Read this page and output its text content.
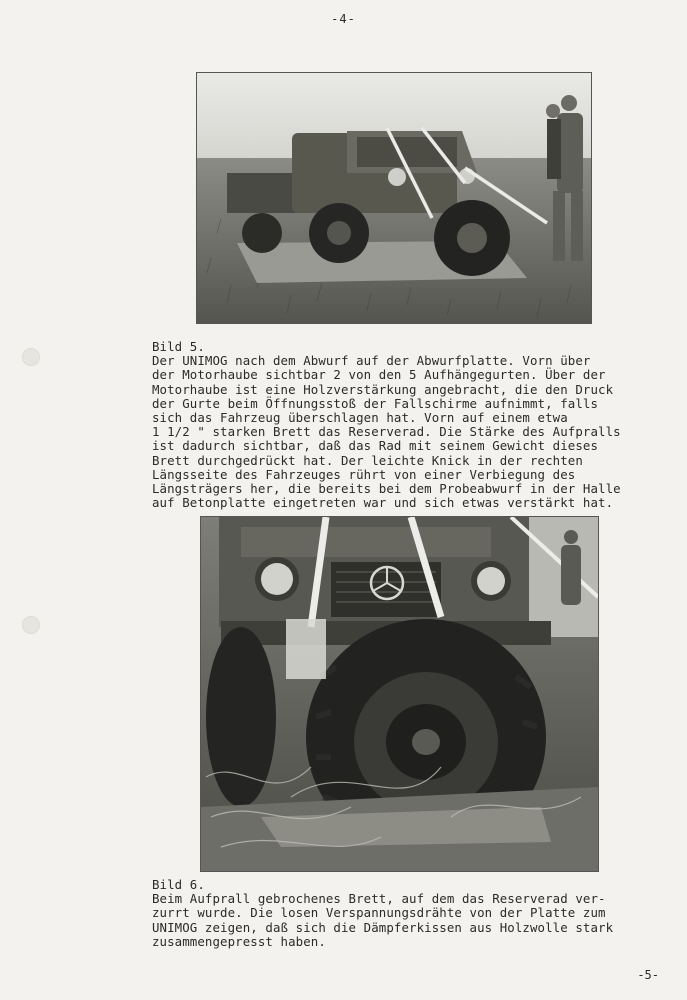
-4-
Bild 5.
Der UNIMOG nach dem Abwurf auf der Abwurfplatte. Vorn über
der Motorhaube sichtbar 2 von den 5 Aufhängegurten. Über der
Motorhaube ist eine Holzverstärkung angebracht, die den Druck
der Gurte beim Öffnungsstoß der Fallschirme aufnimmt, falls
sich das Fahrzeug überschlagen hat. Vorn auf einem etwa
1 1/2 " starken Brett das Reserverad. Die Stärke des Aufpralls
ist dadurch sichtbar, daß das Rad mit seinem Gewicht dieses
Brett durchgedrückt hat. Der leichte Knick in der rechten
Längsseite des Fahrzeuges rührt von einer Verbiegung des
Längsträgers her, die bereits bei dem Probeabwurf in der Halle
auf Betonplatte eingetreten war und sich etwas verstärkt hat.
Bild 6.
Beim Aufprall gebrochenes Brett, auf dem das Reserverad ver-
zurrt wurde. Die losen Verspannungsdrähte von der Platte zum
UNIMOG zeigen, daß sich die Dämpferkissen aus Holzwolle stark
zusammengepresst haben.
-5-
